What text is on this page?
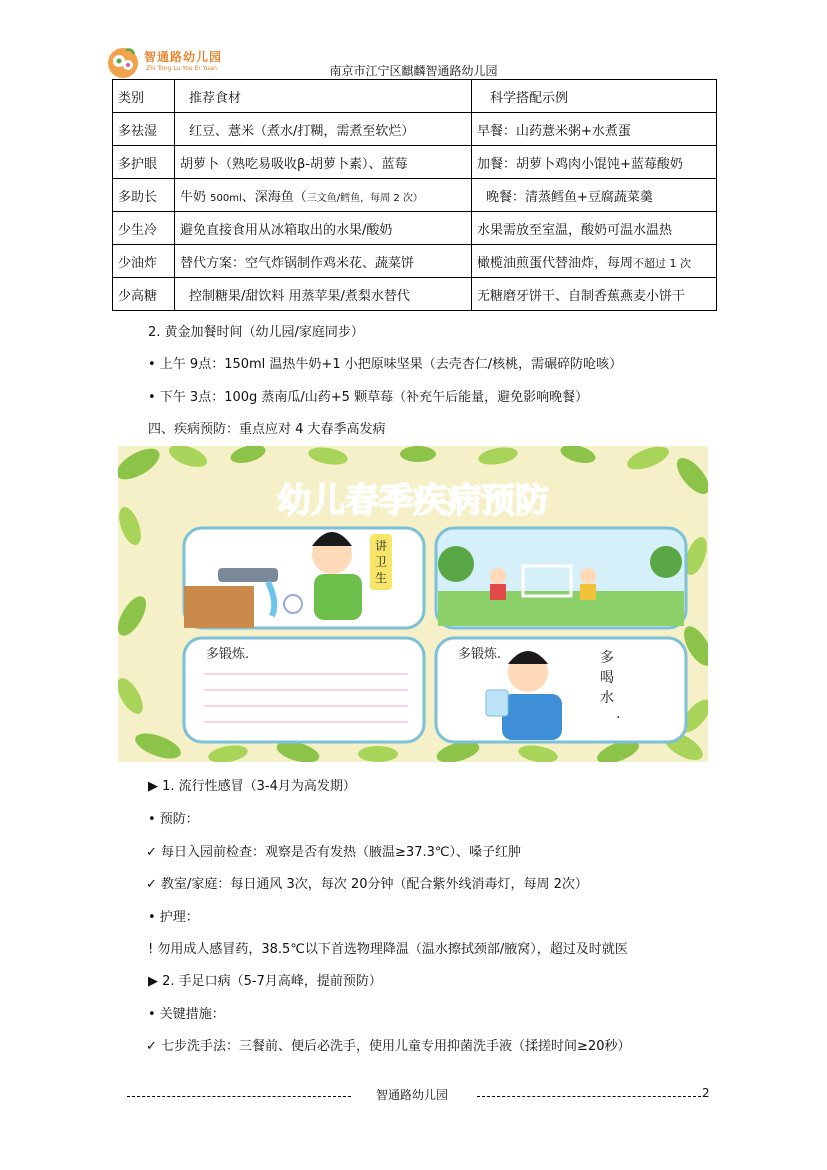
智通路幼儿园
Zhi Tong Lu You Er Yuan	南京市江宁区麒麟智通路幼儿园
类别	推荐食材	科学搭配示例
多祛湿	红豆、薏米（煮水/打糊，需煮至软烂）	早餐：山药薏米粥+水煮蛋
多护眼	胡萝卜（熟吃易吸收β-胡萝卜素）、蓝莓	加餐：胡萝卜鸡肉小馄饨+蓝莓酸奶
多助长	牛奶 500ml、深海鱼（三文鱼/鳕鱼，每周 2 次）	晚餐：清蒸鳕鱼+豆腐蔬菜羹
少生冷	避免直接食用从冰箱取出的水果/酸奶	水果需放至室温，酸奶可温水温热
少油炸	替代方案：空气炸锅制作鸡米花、蔬菜饼	橄榄油煎蛋代替油炸，每周不超过 1 次
少高糖	控制糖果/甜饮料 用蒸苹果/煮梨水替代	无糖磨牙饼干、自制香蕉燕麦小饼干
2. 黄金加餐时间（幼儿园/家庭同步）
• 上午 9点：150ml 温热牛奶+1 小把原味坚果（去壳杏仁/核桃，需碾碎防呛咳）
• 下午 3点：100g 蒸南瓜/山药+5 颗草莓（补充午后能量，避免影响晚餐）
四、疾病预防：重点应对 4 大春季高发病
幼儿春季疾病预防
讲
卫
生
多锻炼.	多锻炼.	多
喝
水
.
▶ 1. 流行性感冒（3-4月为高发期）
• 预防：
✓ 每日入园前检查：观察是否有发热（腋温≥37.3℃）、嗓子红肿
✓ 教室/家庭：每日通风 3次，每次 20分钟（配合紫外线消毒灯，每周 2次）
• 护理：
! 勿用成人感冒药，38.5℃以下首选物理降温（温水擦拭颈部/腋窝），超过及时就医
▶ 2. 手足口病（5-7月高峰，提前预防）
• 关键措施：
✓ 七步洗手法：三餐前、便后必洗手，使用儿童专用抑菌洗手液（揉搓时间≥20秒）
智通路幼儿园	2
